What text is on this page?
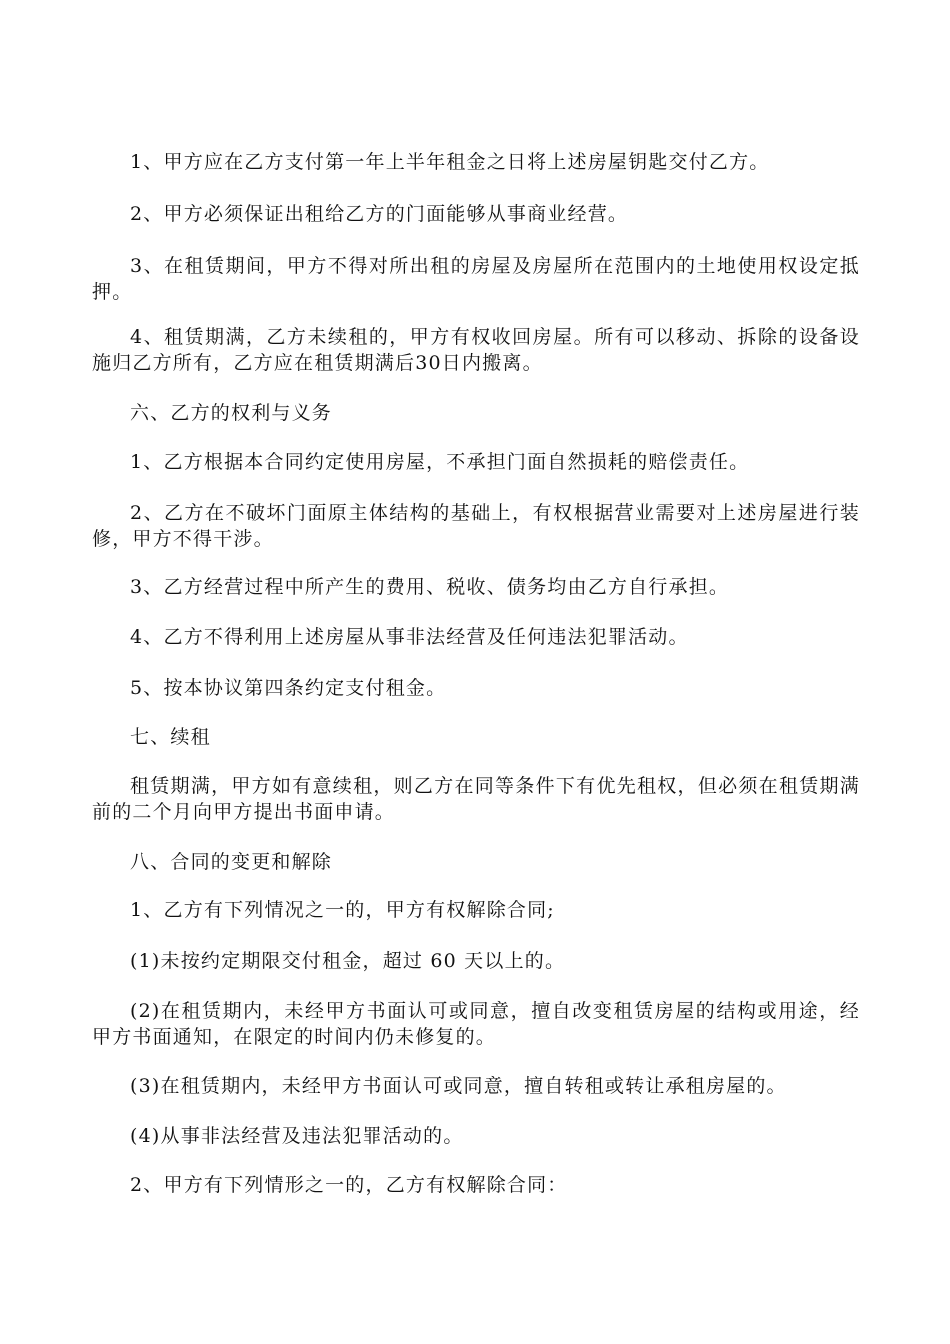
1、甲方应在乙方支付第一年上半年租金之日将上述房屋钥匙交付乙方。

2、甲方必须保证出租给乙方的门面能够从事商业经营。

3、在租赁期间，甲方不得对所出租的房屋及房屋所在范围内的土地使用权设定抵押。

4、租赁期满，乙方未续租的，甲方有权收回房屋。所有可以移动、拆除的设备设施归乙方所有，乙方应在租赁期满后30日内搬离。

六、乙方的权利与义务

1、乙方根据本合同约定使用房屋，不承担门面自然损耗的赔偿责任。

2、乙方在不破坏门面原主体结构的基础上，有权根据营业需要对上述房屋进行装修，甲方不得干涉。

3、乙方经营过程中所产生的费用、税收、债务均由乙方自行承担。

4、乙方不得利用上述房屋从事非法经营及任何违法犯罪活动。

5、按本协议第四条约定支付租金。

七、续租

租赁期满，甲方如有意续租，则乙方在同等条件下有优先租权，但必须在租赁期满前的二个月向甲方提出书面申请。

八、合同的变更和解除

1、乙方有下列情况之一的，甲方有权解除合同;

(1)未按约定期限交付租金，超过 60 天以上的。

(2)在租赁期内，未经甲方书面认可或同意，擅自改变租赁房屋的结构或用途，经甲方书面通知，在限定的时间内仍未修复的。

(3)在租赁期内，未经甲方书面认可或同意，擅自转租或转让承租房屋的。

(4)从事非法经营及违法犯罪活动的。

2、甲方有下列情形之一的，乙方有权解除合同：
